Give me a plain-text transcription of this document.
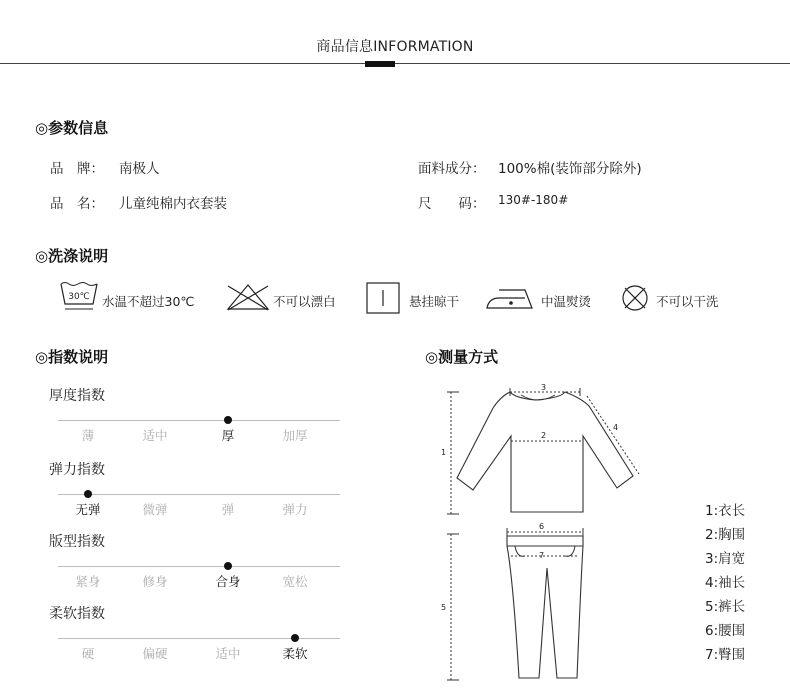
商品信息INFORMATION
◎参数信息
品　牌： 南极人
品　名： 儿童纯棉内衣套装
面料成分： 100%棉(装饰部分除外)
尺　　码： 130#-180#
◎洗涤说明
30℃ 水温不超过30℃	不可以漂白	悬挂晾干	中温熨烫	不可以干洗
◎指数说明
厚度指数
薄	适中	厚	加厚
弹力指数
无弹	微弹	弹	弹力
版型指数
紧身	修身	合身	宽松
柔软指数
硬	偏硬	适中	柔软
◎测量方式
1
3
2
4
6
7
5
1:衣长
2:胸围
3:肩宽
4:袖长
5:裤长
6:腰围
7:臀围
